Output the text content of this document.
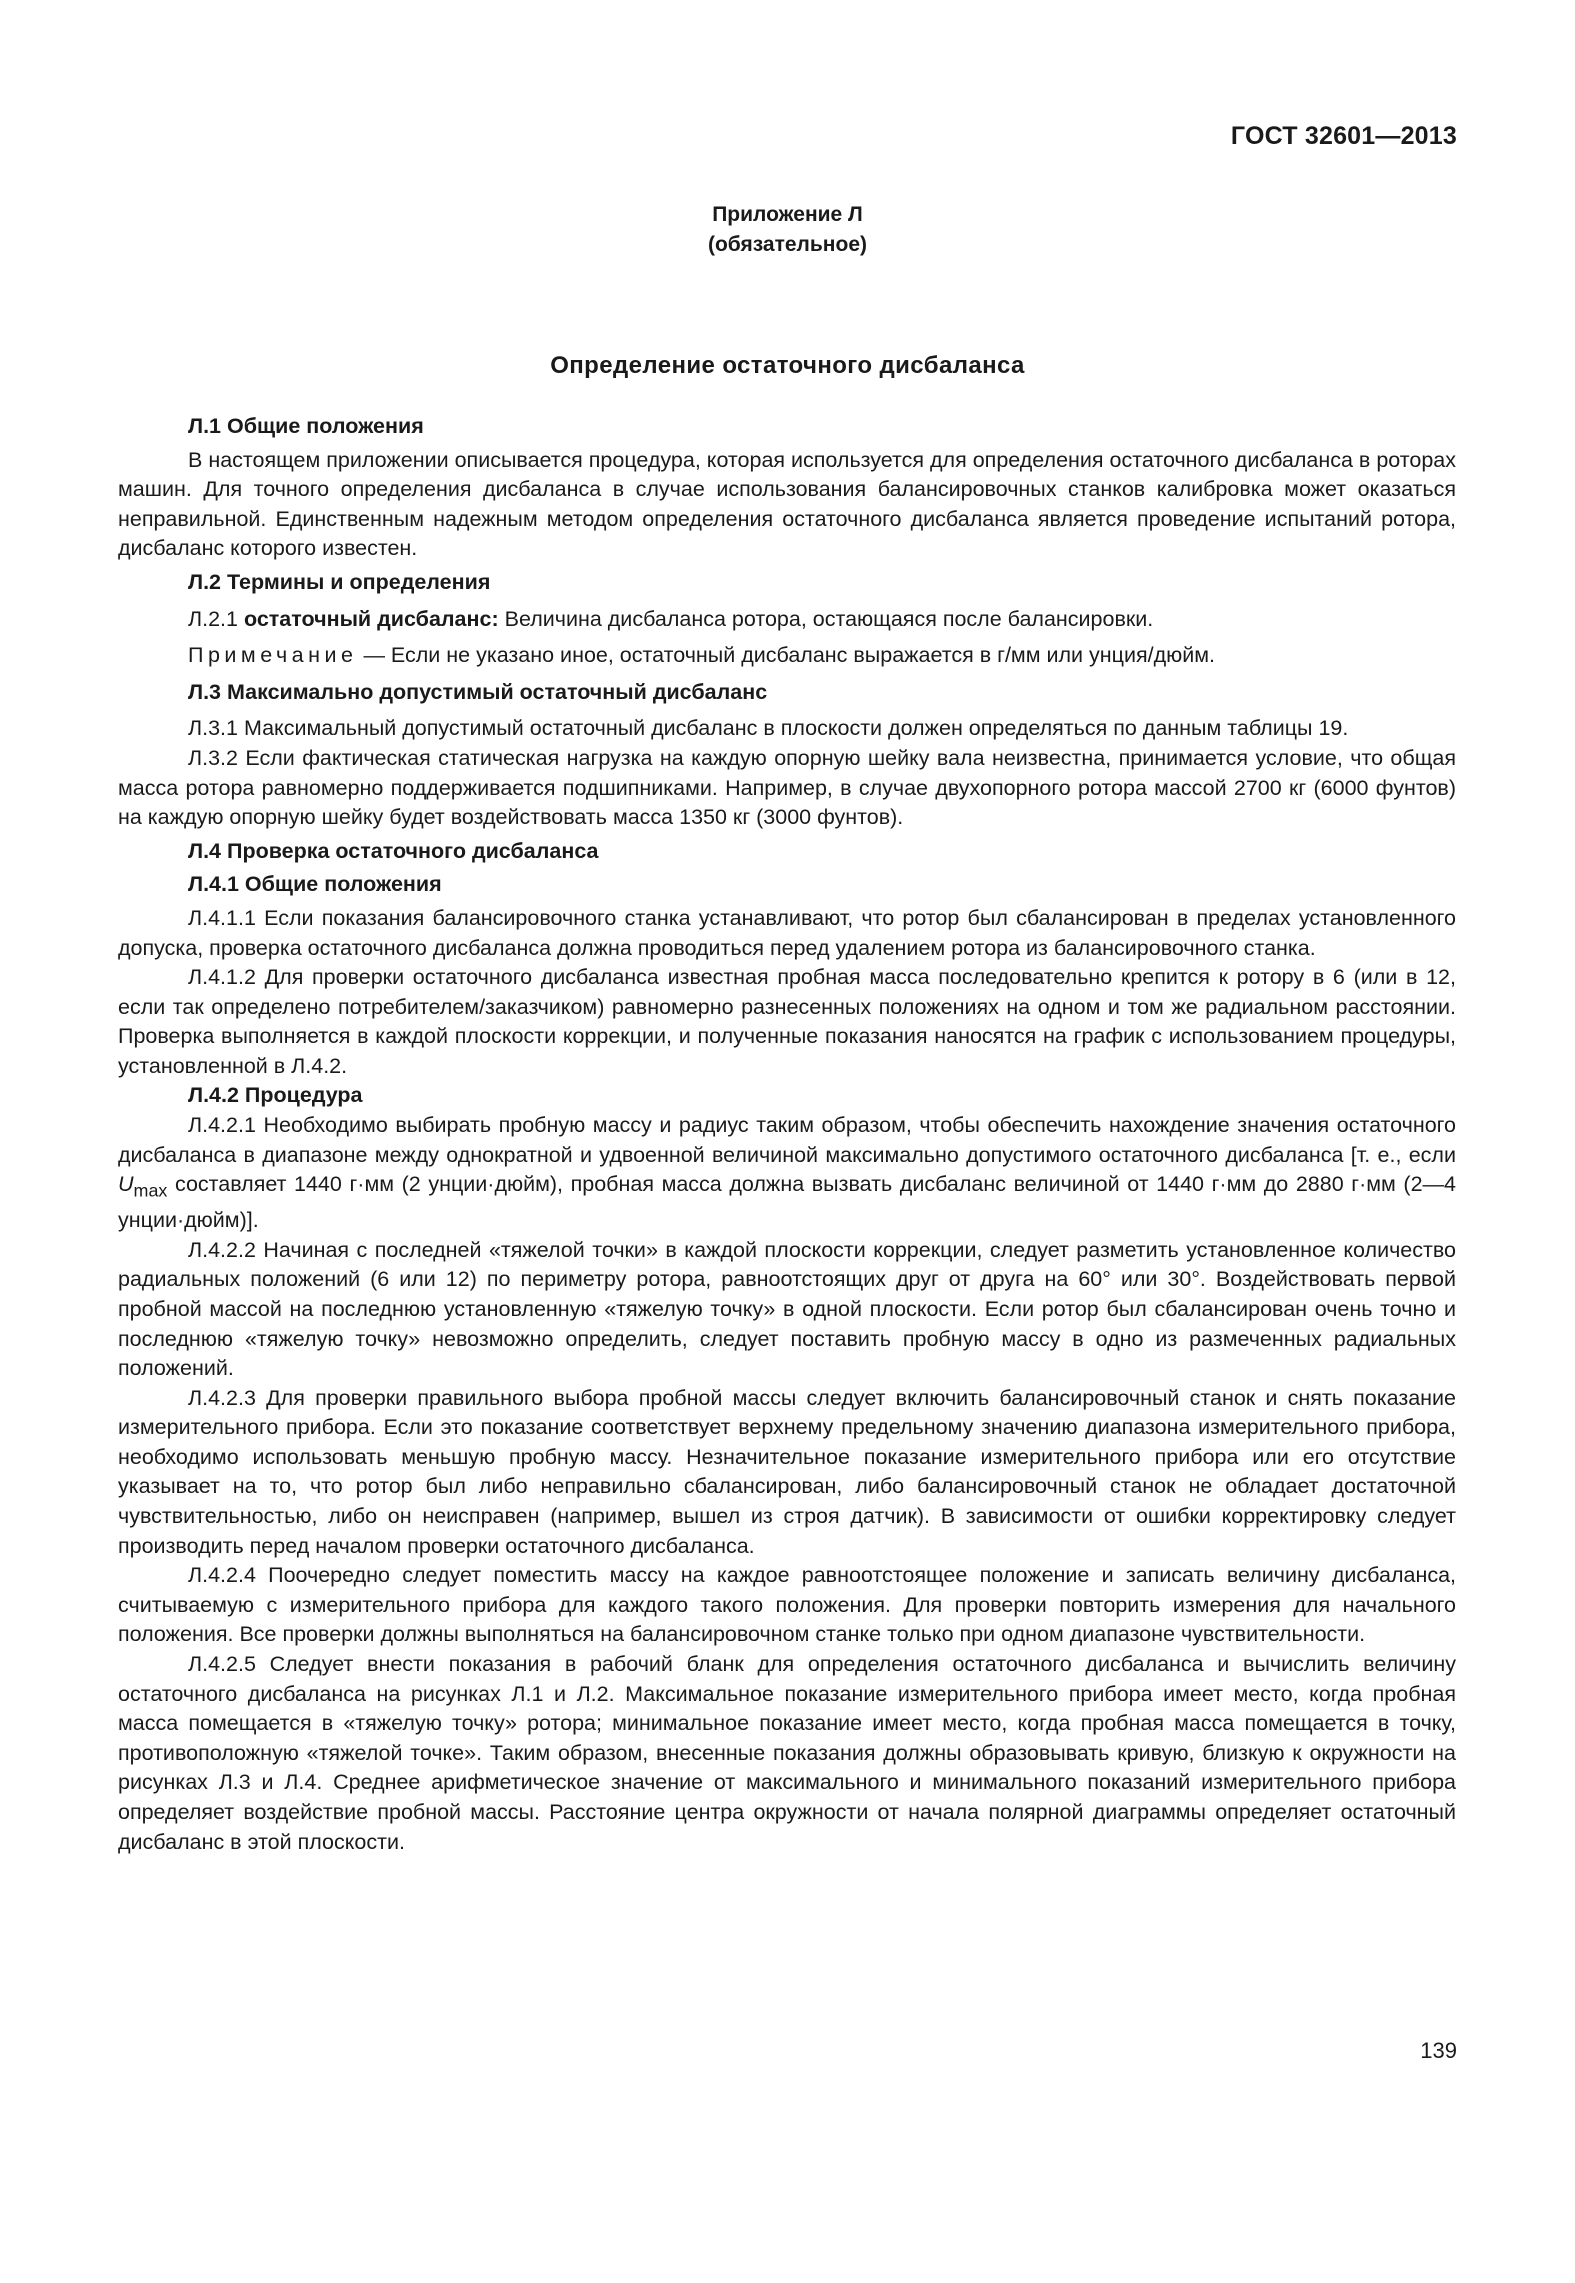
ГОСТ 32601—2013
Приложение Л
(обязательное)
Определение остаточного дисбаланса

Л.1 Общие положения

В настоящем приложении описывается процедура, которая используется для определения остаточного дисбаланса в роторах машин. Для точного определения дисбаланса в случае использования балансировочных станков калибровка может оказаться неправильной. Единственным надежным методом определения остаточного дисбаланса является проведение испытаний ротора, дисбаланс которого известен.

Л.2 Термины и определения

Л.2.1 остаточный дисбаланс: Величина дисбаланса ротора, остающаяся после балансировки.

Примечание — Если не указано иное, остаточный дисбаланс выражается в г/мм или унция/дюйм.

Л.3 Максимально допустимый остаточный дисбаланс

Л.3.1 Максимальный допустимый остаточный дисбаланс в плоскости должен определяться по данным таблицы 19.

Л.3.2 Если фактическая статическая нагрузка на каждую опорную шейку вала неизвестна, принимается условие, что общая масса ротора равномерно поддерживается подшипниками. Например, в случае двухопорного ротора массой 2700 кг (6000 фунтов) на каждую опорную шейку будет воздействовать масса 1350 кг (3000 фунтов).

Л.4 Проверка остаточного дисбаланса

Л.4.1 Общие положения

Л.4.1.1 Если показания балансировочного станка устанавливают, что ротор был сбалансирован в пределах установленного допуска, проверка остаточного дисбаланса должна проводиться перед удалением ротора из балансировочного станка.

Л.4.1.2 Для проверки остаточного дисбаланса известная пробная масса последовательно крепится к ротору в 6 (или в 12, если так определено потребителем/заказчиком) равномерно разнесенных положениях на одном и том же радиальном расстоянии. Проверка выполняется в каждой плоскости коррекции, и полученные показания наносятся на график с использованием процедуры, установленной в Л.4.2.

Л.4.2 Процедура

Л.4.2.1 Необходимо выбирать пробную массу и радиус таким образом, чтобы обеспечить нахождение значения остаточного дисбаланса в диапазоне между однократной и удвоенной величиной максимально допустимого остаточного дисбаланса [т. е., если $U_{max}$ составляет 1440 г·мм (2 унции·дюйм), пробная масса должна вызвать дисбаланс величиной от 1440 г·мм до 2880 г·мм (2—4 унции·дюйм)].

Л.4.2.2 Начиная с последней «тяжелой точки» в каждой плоскости коррекции, следует разметить установленное количество радиальных положений (6 или 12) по периметру ротора, равноотстоящих друг от друга на 60° или 30°. Воздействовать первой пробной массой на последнюю установленную «тяжелую точку» в одной плоскости. Если ротор был сбалансирован очень точно и последнюю «тяжелую точку» невозможно определить, следует поставить пробную массу в одно из размеченных радиальных положений.

Л.4.2.3 Для проверки правильного выбора пробной массы следует включить балансировочный станок и снять показание измерительного прибора. Если это показание соответствует верхнему предельному значению диапазона измерительного прибора, необходимо использовать меньшую пробную массу. Незначительное показание измерительного прибора или его отсутствие указывает на то, что ротор был либо неправильно сбалансирован, либо балансировочный станок не обладает достаточной чувствительностью, либо он неисправен (например, вышел из строя датчик). В зависимости от ошибки корректировку следует производить перед началом проверки остаточного дисбаланса.

Л.4.2.4 Поочередно следует поместить массу на каждое равноотстоящее положение и записать величину дисбаланса, считываемую с измерительного прибора для каждого такого положения. Для проверки повторить измерения для начального положения. Все проверки должны выполняться на балансировочном станке только при одном диапазоне чувствительности.

Л.4.2.5 Следует внести показания в рабочий бланк для определения остаточного дисбаланса и вычислить величину остаточного дисбаланса на рисунках Л.1 и Л.2. Максимальное показание измерительного прибора имеет место, когда пробная масса помещается в «тяжелую точку» ротора; минимальное показание имеет место, когда пробная масса помещается в точку, противоположную «тяжелой точке». Таким образом, внесенные показания должны образовывать кривую, близкую к окружности на рисунках Л.3 и Л.4. Среднее арифметическое значение от максимального и минимального показаний измерительного прибора определяет воздействие пробной массы. Расстояние центра окружности от начала полярной диаграммы определяет остаточный дисбаланс в этой плоскости.

139
